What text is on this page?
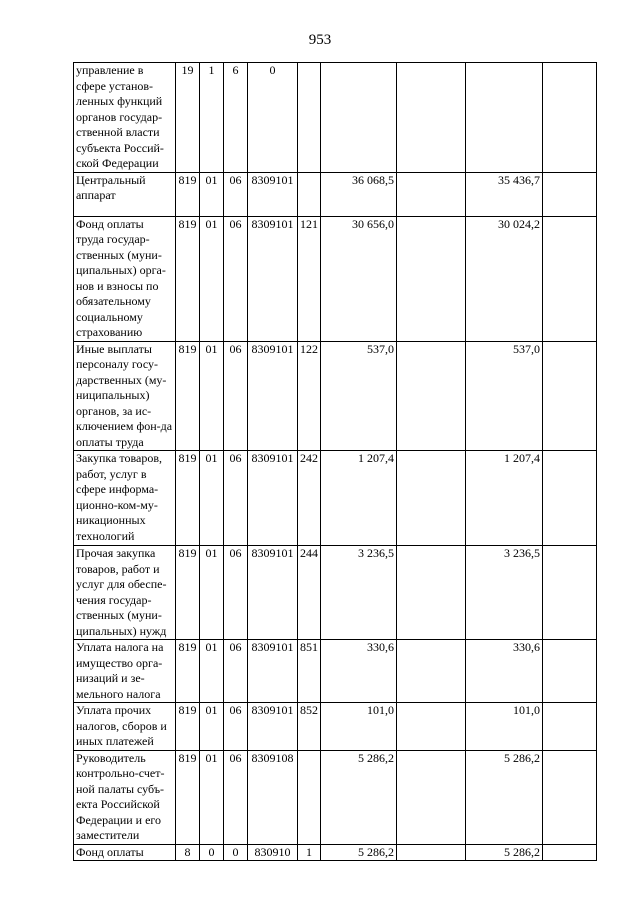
953
управление в сфере установ-ленных функций органов государ-ственной власти субъекта Россий-ской Федерации	19	1	6	0					
Центральный аппарат	819	01	06	8309101		36 068,5		35 436,7	
Фонд оплаты труда государ-ственных (муни-ципальных) орга-нов и взносы по обязательному социальному страхованию	819	01	06	8309101	121	30 656,0		30 024,2	
Иные выплаты персоналу госу-дарственных (му-ниципальных) органов, за ис-ключением фон-да оплаты труда	819	01	06	8309101	122	537,0		537,0	
Закупка товаров, работ, услуг в сфере информа-ционно-ком-му-никационных технологий	819	01	06	8309101	242	1 207,4		1 207,4	
Прочая закупка товаров, работ и услуг для обеспе-чения государ-ственных (муни-ципальных) нужд	819	01	06	8309101	244	3 236,5		3 236,5	
Уплата налога на имущество орга-низаций и зе-мельного налога	819	01	06	8309101	851	330,6		330,6	
Уплата прочих налогов, сборов и иных платежей	819	01	06	8309101	852	101,0		101,0	
Руководитель контрольно-счет-ной палаты субъ-екта Российской Федерации и его заместители	819	01	06	8309108		5 286,2		5 286,2	
Фонд оплаты	8	0	0	830910	1	5 286,2		5 286,2	
